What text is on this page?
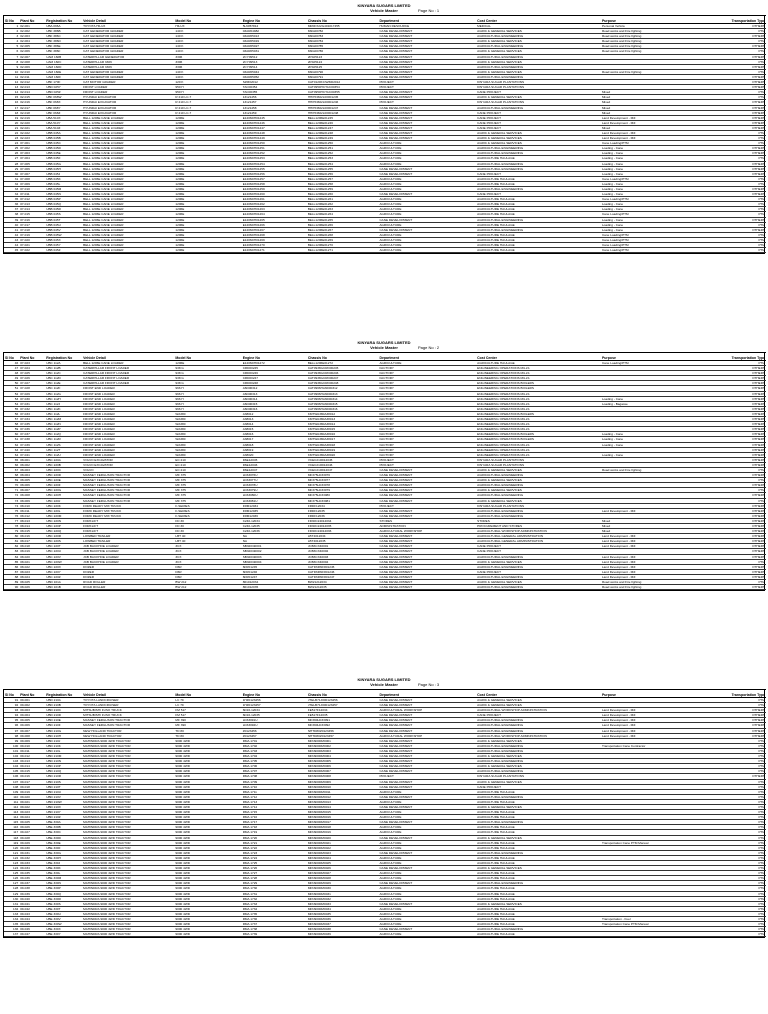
KINYARA SUGARS LIMITED
Vehicle Master	Page No : 1
Sl No	Plant No	Registration No	Vehicle Detail	Model No	Engine No	Chassis No	Department	Cost Center	Purpose	Transportation Type
1	02-001	UBA 096A	TOYOTA HILUX	HILUX	5L6057812	MR0FX22G401017455	HUMAN RESOURCE	MEDICAL	Personal Vehicle	OTHERS
2	02-002	UBF 386B	CAT GENERATOR GRADER	140 K	03AR04982	M9G00782	CANE DEVELOPMENT	AGRIC & GENERAL SERVICES	Road works and Fire fighting	PTM
3	02-003	UBF 386C	CAT GENERATOR GRADER	140 K	03AR05013	M9G00783	CANE DEVELOPMENT	AGRICULTURAL ENGINEERING	Road works and Fire fighting	OTHERS
4	02-004	UBF 386D	CAT GENERATOR GRADER	140 K	03AR05019	M9G00784	CANE DEVELOPMENT	AGRIC & GENERAL SERVICES	Road works and Fire fighting	PTM
5	02-005	UBF 386E	CAT GENERATOR GRADER	140 K	03AR05027	M9G00785	CANE DEVELOPMENT	AGRICULTURAL ENGINEERING	Road works and Fire fighting	OTHERS
6	02-006	UBF 386F	CAT GENERATOR GRADER	140 K	03AR05031	M9G00786	CANE DEVELOPMENT	AGRIC & GENERAL SERVICES	Road works and Fire fighting	PTM
7	02-007	UAM 160B	CATERPILLAR GENERATOR	3306	2CY09512	2FS05123	CANE DEVELOPMENT	AGRICULTURAL ENGINEERING		OTHERS
8	02-008	UAM 160C	CATERPILLAR 3306	3306	2CY09513	2FS05124	CANE DEVELOPMENT	AGRIC & GENERAL SERVICES		PTM
9	02-009	UAM 160D	CATERPILLAR 3306	3306	2CY09514	2FS05125	CANE DEVELOPMENT	AGRICULTURAL ENGINEERING		OTHERS
10	02-010	UAM 160E	CAT GENERATOR GRADER	140 K	03AR05044	M9G00790	CANE DEVELOPMENT	AGRIC & GENERAL SERVICES	Road works and Fire fighting	PTM
11	02-011	UAM 160F	CAT GENERATOR GRADER	140 K	03AR05052	M9G00791	CANE DEVELOPMENT	AGRICULTURAL ENGINEERING		OTHERS
12	02-012	UBF 170F	CAT MOTOR GRADER	120 K	SZM02012	CAT0120KCSZM02012	PROJECT	KINYARA SUGAR PLANTATIONS		OTHERS
13	02-013	UBD 025Y	FRONT LOADER	950 H	TAC00354	CAT0950HCTAC00354	PROJECT	KINYARA SUGAR PLANTATIONS		OTHERS
14	02-014	UBD 025Z	FRONT LOADER	950 H	TAC00355	CAT0950HCTAC00355	CANE DEVELOPMENT	CANE PROJECT	Mixed	PTM
15	02-015	UBF 068W	HYUNDAI EXCAVATOR	R 210 LC-7	13121456	HHIHN602L00001245	CANE DEVELOPMENT	AGRIC & GENERAL SERVICES	Mixed	PTM
16	02-016	UBF 068X	HYUNDAI EXCAVATOR	R 210 LC-7	13121457	HHIHN602L00001246	PROJECT	KINYARA SUGAR PLANTATIONS	Mixed	OTHERS
17	02-017	UBF 068Y	HYUNDAI EXCAVATOR	R 210 LC-7	13121458	HHIHN602L00001247	CANE DEVELOPMENT	AGRICULTURAL ENGINEERING	Mixed	OTHERS
18	02-018	UBF 068Z	HYUNDAI EXCAVATOR	R 210 LC-7	13121459	HHIHN602L00001248	CANE DEVELOPMENT	CANE PROJECT	Mixed	OTHERS
19	02-019	UBA 510X	BELL 1206E CANE LOADER	1206E	E1206DH01245	BELL1206E01245	CANE DEVELOPMENT	CANE PROJECT	Land Development - Mill	OTHERS
20	02-020	UBA 510Y	BELL 1206E CANE LOADER	1206E	E1206DH01246	BELL1206E01246	CANE DEVELOPMENT	CANE PROJECT	Land Development - Mill	OTHERS
21	02-021	UBA 510Z	BELL 1206E CANE LOADER	1206E	E1206DH01247	BELL1206E01247	CANE DEVELOPMENT	CANE PROJECT	Mixed	OTHERS
22	02-022	UBB 045A	BELL 1206E CANE LOADER	1206E	E1206DH01248	BELL1206E01248	CANE DEVELOPMENT	AGRIC & GENERAL SERVICES	Land Development - Mill	PTM
23	02-023	UBB 045B	BELL 1206E CANE LOADER	1206E	E1206DH01249	BELL1206E01249	CANE DEVELOPMENT	AGRIC & GENERAL SERVICES	Land Development - Mill	PTM
24	07-001	UBB 045C	BELL 1206E CANE LOADER	1206E	E1206DH01250	BELL1206E01250	AGRICULTURE	AGRIC & GENERAL SERVICES	Cane Loading/PTM	PTM
25	07-002	UBB 045D	BELL 1206E CANE LOADER	1206E	E1206DH01251	BELL1206E01251	AGRICULTURE	AGRICULTURAL ENGINEERING	Loading - Cane	OTHERS
26	07-003	UBB 045E	BELL 1206E CANE LOADER	1206E	E1206DH01252	BELL1206E01252	AGRICULTURE	AGRICULTURAL ENGINEERING	Loading - Cane	OTHERS
27	07-004	UBB 045F	BELL 1206E CANE LOADER	1206E	E1206DH01253	BELL1206E01253	AGRICULTURE	AGRICULTURE HAULAGE	Loading - Cane	PTM
28	07-005	UBB 045G	BELL 1206E CANE LOADER	1206E	E1206DH01254	BELL1206E01254	AGRICULTURE	AGRICULTURAL ENGINEERING	Loading - Cane	OTHERS
29	07-006	UBB 045H	BELL 1206E CANE LOADER	1206E	E1206DH01255	BELL1206E01255	CANE DEVELOPMENT	AGRICULTURAL ENGINEERING	Loading - Cane	OTHERS
30	07-007	UBB 045J	BELL 1206E CANE LOADER	1206E	E1206DH01256	BELL1206E01256	CANE DEVELOPMENT	CANE PROJECT	Loading - Cane	OTHERS
31	07-008	UBB 045K	BELL 1206E CANE LOADER	1206E	E1206DH01257	BELL1206E01257	AGRICULTURE	AGRICULTURE HAULAGE	Cane Loading/PTM	PTM
32	07-009	UBB 045L	BELL 1206E CANE LOADER	1206E	E1206DH01258	BELL1206E01258	AGRICULTURE	AGRICULTURE HAULAGE	Loading - Cane	PTM
33	07-010	UBB 045M	BELL 1206E CANE LOADER	1206E	E1206DH01259	BELL1206E01259	AGRICULTURE	AGRICULTURAL ENGINEERING	Loading - Cane	OTHERS
34	07-011	UBB 045N	BELL 1206E CANE LOADER	1206E	E1206DH01260	BELL1206E01260	CANE DEVELOPMENT	CANE PROJECT	Loading - Cane	OTHERS
35	07-012	UBB 045P	BELL 1206E CANE LOADER	1206E	E1206DH01261	BELL1206E01261	AGRICULTURE	AGRICULTURE HAULAGE	Cane Loading/PTM	PTM
36	07-013	UBB 045Q	BELL 1206E CANE LOADER	1206E	E1206DH01262	BELL1206E01262	AGRICULTURE	AGRICULTURE HAULAGE	Loading - Cane	PTM
37	07-014	UBB 045R	BELL 1206E CANE LOADER	1206E	E1206DH01263	BELL1206E01263	AGRICULTURE	AGRICULTURE HAULAGE	Loading - Cane	PTM
38	07-015	UBB 045S	BELL 1206E CANE LOADER	1206E	E1206DH01264	BELL1206E01264	AGRICULTURE	AGRICULTURE HAULAGE	Cane Loading/PTM	PTM
39	07-016	UBB 045T	BELL 1206E CANE LOADER	1206E	E1206DH01265	BELL1206E01265	CANE DEVELOPMENT	AGRICULTURAL ENGINEERING	Loading - Cane	OTHERS
40	07-017	UBB 045U	BELL 1206E CANE LOADER	1206E	E1206DH01266	BELL1206E01266	AGRICULTURE	AGRICULTURE HAULAGE	Loading - Cane	PTM
41	07-018	UBB 045V	BELL 1206E CANE LOADER	1206E	E1206DH01267	BELL1206E01267	CANE DEVELOPMENT	AGRICULTURAL ENGINEERING	Loading - Cane	OTHERS
42	07-019	UBB 045W	BELL 1206E CANE LOADER	1206E	E1206DH01268	BELL1206E01268	AGRICULTURE	AGRICULTURE HAULAGE	Cane Loading/PTM	PTM
43	07-020	UBB 045X	BELL 1206E CANE LOADER	1206E	E1206DH01269	BELL1206E01269	AGRICULTURE	AGRICULTURE HAULAGE	Cane Loading/PTM	PTM
44	07-021	UBB 045Y	BELL 1206E CANE LOADER	1206E	E1206DH01270	BELL1206E01270	AGRICULTURE	AGRICULTURE HAULAGE	Cane Loading/PTM	PTM
45	07-022	UBB 045Z	BELL 1206E CANE LOADER	1206E	E1206DH01271	BELL1206E01271	AGRICULTURE	AGRICULTURE HAULAGE	Cane Loading/PTM	PTM
KINYARA SUGARS LIMITED
Vehicle Master	Page No : 2
Sl No	Plant No	Registration No	Vehicle Detail	Model No	Engine No	Chassis No	Department	Cost Center	Purpose	Transportation Type
46	07-023	UBC 112A	BELL 1206E CANE LOADER	1206E	E1206DH01272	BELL1206E01272	AGRICULTURE	AGRICULTURE HAULAGE	Cane Loading/PTM	PTM
47	07-024	UBC 112B	CATERPILLAR FRONT LOADER	938 G	CRD00245	CAT0938GCRD00245	FACTORY	ENGINEERING OPERATIONS MILLS		OTHERS
48	07-025	UBC 112C	CATERPILLAR FRONT LOADER	938 G	CRD00246	CAT0938GCRD00246	FACTORY	ENGINEERING OPERATIONS MILLS		OTHERS
49	07-026	UBC 112D	CATERPILLAR FRONT LOADER	938 G	CRD00247	CAT0938GCRD00247	FACTORY	ENGINEERING OPERATIONS MILLS		OTHERS
50	07-027	UBC 112E	CATERPILLAR FRONT LOADER	938 G	CRD00248	CAT0938GCRD00248	FACTORY	ENGINEERING OPERATIONS BOILERS		OTHERS
51	07-028	UBC 112F	FRONT END LOADER	966 H	A6D00312	CAT0966HA6D00312	FACTORY	ENGINEERING OPERATIONS BOILERS		OTHERS
52	07-029	UBC 112G	FRONT END LOADER	966 H	A6D00313	CAT0966HA6D00313	FACTORY	ENGINEERING OPERATIONS MILLS		OTHERS
53	07-030	UBC 112H	FRONT END LOADER	966 H	A6D00314	CAT0966HA6D00314	FACTORY	ENGINEERING OPERATIONS MILLS	Loading - Cane	OTHERS
54	07-031	UBC 112J	FRONT END LOADER	966 H	A6D00315	CAT0966HA6D00315	FACTORY	ENGINEERING OPERATIONS MILLS	Loading - Bagasse	OTHERS
55	07-032	UBC 112K	FRONT END LOADER	966 H	A6D00316	CAT0966HA6D00316	FACTORY	ENGINEERING OPERATIONS MILLS		OTHERS
56	07-033	UBC 112L	FRONT END LOADER	WA380	A38012	KMTWA380A38012	FACTORY	ENGINEERING OPERATIONS BOILERS		OTHERS
57	07-034	UBC 112M	FRONT END LOADER	WA380	A38013	KMTWA380A38013	FACTORY	ENGINEERING OPERATIONS MILLS		OTHERS
58	07-035	UBC 112N	FRONT END LOADER	WA380	A38014	KMTWA380A38014	FACTORY	ENGINEERING OPERATIONS MILLS		OTHERS
59	07-036	UBC 112P	FRONT END LOADER	WA380	A38015	KMTWA380A38015	FACTORY	ENGINEERING OPERATIONS MILLS		OTHERS
60	07-037	UBC 112Q	FRONT END LOADER	WA380	A38016	KMTWA380A38016	FACTORY	ENGINEERING OPERATIONS BOILERS	Loading - Cane	OTHERS
61	07-038	UBC 112R	FRONT END LOADER	WA380	A38017	KMTWA380A38017	FACTORY	ENGINEERING OPERATIONS BOILERS	Loading - Cane	OTHERS
62	07-039	UBC 112S	FRONT END LOADER	WA380	A38018	KMTWA380A38018	FACTORY	ENGINEERING OPERATIONS MILLS	Loading - Cane	OTHERS
63	07-040	UBC 112T	FRONT END LOADER	WA380	A38019	KMTWA380A38019	FACTORY	ENGINEERING OPERATIONS MILLS		OTHERS
64	07-041	UBC 112U	FRONT END LOADER	WA380	A38020	KMTWA380A38020	FACTORY	ENGINEERING OPERATIONS MILLS	Loading - Cane	OTHERS
65	08-001	UBC 220A	VOLVO EXCAVATOR	EC 210	D6E12045	VCEC210D12045	PROJECT	KINYARA SUGAR PLANTATIONS		OTHERS
66	08-002	UBC 220B	VOLVO EXCAVATOR	EC 210	D6E12046	VCEC210D12046	PROJECT	KINYARA SUGAR PLANTATIONS		OTHERS
67	08-003	UBC 220C	VOLVO	EC 210	D6E12047	VCEC210D12047	CANE DEVELOPMENT	AGRIC & GENERAL SERVICES	Road works and Fire fighting	PTM
68	08-004	UBC 220D	MASSEY FERGUSON TRACTOR	MF 375	LD33076U	MF375LD33076	CANE DEVELOPMENT	AGRICULTURAL ENGINEERING		OTHERS
69	08-005	UBC 220E	MASSEY FERGUSON TRACTOR	MF 375	LD33077U	MF375LD33077	CANE DEVELOPMENT	AGRIC & GENERAL SERVICES		PTM
70	08-006	UBC 220F	MASSEY FERGUSON TRACTOR	MF 375	LD33078U	MF375LD33078	CANE DEVELOPMENT	AGRICULTURAL ENGINEERING		OTHERS
71	08-007	UBC 220G	MASSEY FERGUSON TRACTOR	MF 375	LD33079U	MF375LD33079	CANE DEVELOPMENT	AGRIC & GENERAL SERVICES		PTM
72	08-008	UBC 220H	MASSEY FERGUSON TRACTOR	MF 375	LD33080U	MF375LD33080	CANE DEVELOPMENT	AGRICULTURAL ENGINEERING		OTHERS
73	08-009	UBC 220J	MASSEY FERGUSON TRACTOR	MF 375	LD33081U	MF375LD33081	CANE DEVELOPMENT	AGRIC & GENERAL SERVICES		PTM
74	08-010	UBC 220K	FORD READY MIX TRUCK	F-SERIES	FRM12034	FRDF12034	PROJECT	KINYARA SUGAR PLANTATIONS		OTHERS
75	08-011	UBC 220L	FORD READY MIX TRUCK	F-SERIES	FRM12035	FRDF12035	CANE DEVELOPMENT	AGRICULTURAL ENGINEERING	Land Development - Mill	OTHERS
76	08-012	UBC 220M	FORD READY MIX TRUCK	F-SERIES	FRM12036	FRDF12036	CANE DEVELOPMENT	AGRICULTURAL ENGINEERING		OTHERS
77	08-013	UBC 220N	FORKLIFT	FD 30	C240-12034	FD30C24012034	STORES	STORES	Mixed	OTHERS
78	08-014	UBC 220P	FORKLIFT	FD 30	C240-12035	FD30C24012035	ADMINISTRATION	PROCUREMENT AND STORES	Mixed	OTHERS
79	08-015	UBC 220Q	FORKLIFT	FD 30	C240-12036	FD30C24012036	AGRICULTURAL WORKSHOP	AGRICULTURAL WORKSHOP ADMINISTRATION	Mixed	OTHERS
80	08-016	UBC 220R	LOWBED TRAILER	LBT 40	NA	LBT4012034	CANE DEVELOPMENT	AGRICULTURAL GENERAL ADMINISTRATION	Land Development - Mill	OTHERS
81	08-017	UBC 220S	LOWBED TRAILER	LBT 40	NA	LBT4012035	CANE DEVELOPMENT	AGRICULTURAL GENERAL ADMINISTRATION	Land Development - Mill	OTHERS
82	08-018	UBC 220T	JCB BACKHOE LOADER	3CX	SB320/40001	JCB3CX40001	CANE DEVELOPMENT	CANE PROJECT	Land Development - Mill	OTHERS
83	08-019	UBC 220U	JCB BACKHOE LOADER	3CX	SB320/40002	JCB3CX40002	CANE DEVELOPMENT	CANE PROJECT		OTHERS
84	08-020	UBC 220V	JCB BACKHOE LOADER	3CX	SB320/40003	JCB3CX40003	CANE DEVELOPMENT	AGRICULTURAL ENGINEERING	Land Development - Mill	OTHERS
85	08-021	UBC 220W	JCB BACKHOE LOADER	3CX	SB320/40004	JCB3CX40004	CANE DEVELOPMENT	AGRIC & GENERAL SERVICES	Land Development - Mill	PTM
86	08-022	UBC 220X	DOZER	D6R	6FR01245	CATD6R6FR01245	CANE DEVELOPMENT	AGRICULTURAL ENGINEERING	Land Development - Mill	OTHERS
87	08-023	UBC 220Y	DOZER	D6R	6FR01246	CATD6R6FR01246	CANE DEVELOPMENT	CANE PROJECT	Land Development - Mill	OTHERS
88	08-024	UBC 220Z	DOZER	D6R	6FR01247	CATD6R6FR01247	CANE DEVELOPMENT	AGRICULTURAL ENGINEERING	Land Development - Mill	OTHERS
89	08-025	UBD 101A	ROAD ROLLER	BW 212	861012034	BW21212034	CANE DEVELOPMENT	AGRIC & GENERAL SERVICES	Road works and Fire fighting	PTM
90	08-026	UBD 101B	ROAD ROLLER	BW 212	861012035	BW21212035	CANE DEVELOPMENT	AGRICULTURAL ENGINEERING	Road works and Fire fighting	OTHERS
KINYARA SUGARS LIMITED
Vehicle Master	Page No : 3
Sl No	Plant No	Registration No	Vehicle Detail	Model No	Engine No	Chassis No	Department	Cost Center	Purpose	Transportation Type
91	09-001	UBD 210A	TOYOTA LANDCRUISER	LC 79	1HZ0123456	JTELB71J000123456	CANE DEVELOPMENT	AGRIC & GENERAL SERVICES		PTM
92	09-002	UBD 210B	TOYOTA LANDCRUISER	LC 79	1HZ0123457	JTELB71J000123457	CANE DEVELOPMENT	AGRIC & GENERAL SERVICES		PTM
93	09-003	UBD 210C	MITSUBISHI FUSO TRUCK	FM 517	6D16-12034	FE517F12034	AGRICULTURAL WORKSHOP	AGRICULTURAL WORKSHOP ADMINISTRATION	Land Development - Mill	OTHERS
94	09-004	UBD 210D	MITSUBISHI FUSO TRUCK	FM 517	6D16-12035	FE517F12035	CANE DEVELOPMENT	CANE PROJECT	Land Development - Mill	OTHERS
95	09-005	UBD 210E	MASSEY FERGUSON TRACTOR	MF 390	LD33091U	MF390LD33091	CANE DEVELOPMENT	AGRICULTURAL ENGINEERING	Land Development - Mill	OTHERS
96	09-006	UBD 210F	MASSEY FERGUSON TRACTOR	MF 390	LD33092U	MF390LD33092	CANE DEVELOPMENT	AGRICULTURAL ENGINEERING	Land Development - Mill	OTHERS
97	09-007	UBD 210G	NEW HOLLAND TRACTOR	TD 80	Z0123456	NHTD80Z0123456	CANE DEVELOPMENT	AGRICULTURAL ENGINEERING	Land Development - Mill	OTHERS
98	09-008	UBD 210H	NEW HOLLAND TRACTOR	TD 80	Z0123457	NHTD80Z0123457	AGRICULTURAL WORKSHOP	AGRICULTURAL WORKSHOP ADMINISTRATION	Land Development - Mill	OTHERS
99	09-009	UBD 210J	MAHINDRA 9000 4WD TRACTOR	9000 4WD	RMA 1701	MFN9000M0001	CANE DEVELOPMENT	AGRIC & GENERAL SERVICES		PTM
100	09-010	UBD 210K	MAHINDRA 9000 4WD TRACTOR	9000 4WD	RMA 1702	MFN9000M0002	CANE DEVELOPMENT	AGRICULTURAL ENGINEERING	Transportation Cane Contractor	PTM
101	09-011	UBD 210L	MAHINDRA 9000 4WD TRACTOR	9000 4WD	RMA 1703	MFN9000M0003	CANE DEVELOPMENT	AGRICULTURAL ENGINEERING		PTM
102	09-012	UBD 210M	MAHINDRA 9000 4WD TRACTOR	9000 4WD	RMA 1704	MFN9000M0004	CANE DEVELOPMENT	AGRIC & GENERAL SERVICES		PTM
103	09-013	UBD 210N	MAHINDRA 9000 4WD TRACTOR	9000 4WD	RMA 1705	MFN9000M0005	CANE DEVELOPMENT	AGRICULTURAL ENGINEERING		PTM
104	09-014	UBD 210P	MAHINDRA 9000 4WD TRACTOR	9000 4WD	RMA 1706	MFN9000M0006	CANE DEVELOPMENT	AGRIC & GENERAL SERVICES		PTM
105	09-015	UBD 210Q	MAHINDRA 9000 4WD TRACTOR	9000 4WD	RMA 1707	MFN9000M0007	CANE DEVELOPMENT	AGRICULTURAL ENGINEERING		PTM
106	09-016	UBD 210R	MAHINDRA 9000 4WD TRACTOR	9000 4WD	RMA 1708	MFN9000M0008	PROJECT	KINYARA SUGAR PLANTATIONS		OTHERS
107	09-017	UBD 210S	MAHINDRA 9000 4WD TRACTOR	9000 4WD	RMA 1709	MFN9000M0009	CANE DEVELOPMENT	AGRIC & GENERAL SERVICES		PTM
108	09-018	UBD 210T	MAHINDRA 9000 4WD TRACTOR	9000 4WD	RMA 1710	MFN9000M0010	CANE DEVELOPMENT	CANE PROJECT		PTM
109	09-019	UBD 210U	MAHINDRA 9000 4WD TRACTOR	9000 4WD	RMA 1711	MFN9000M0011	AGRICULTURE	AGRICULTURE HAULAGE		PTM
110	09-020	UBD 210V	MAHINDRA 9000 4WD TRACTOR	9000 4WD	RMA 1712	MFN9000M0012	CANE DEVELOPMENT	AGRICULTURAL ENGINEERING		PTM
111	09-021	UBD 210W	MAHINDRA 9000 4WD TRACTOR	9000 4WD	RMA 1713	MFN9000M0013	AGRICULTURE	AGRICULTURE HAULAGE		PTM
112	09-022	UBD 210X	MAHINDRA 9000 4WD TRACTOR	9000 4WD	RMA 1714	MFN9000M0014	CANE DEVELOPMENT	AGRIC & GENERAL SERVICES		PTM
113	09-023	UBD 210Y	MAHINDRA 9000 4WD TRACTOR	9000 4WD	RMA 1715	MFN9000M0015	AGRICULTURE	AGRICULTURE HAULAGE		PTM
114	09-024	UBD 210Z	MAHINDRA 9000 4WD TRACTOR	9000 4WD	RMA 1716	MFN9000M0016	AGRICULTURE	AGRICULTURE HAULAGE		PTM
115	09-025	UBE 330A	MAHINDRA 9000 4WD TRACTOR	9000 4WD	RMA 1717	MFN9000M0017	CANE DEVELOPMENT	AGRICULTURAL ENGINEERING		PTM
116	09-026	UBE 330B	MAHINDRA 9000 4WD TRACTOR	9000 4WD	RMA 1718	MFN9000M0018	AGRICULTURE	AGRICULTURE HAULAGE		PTM
117	09-027	UBE 330C	MAHINDRA 9000 4WD TRACTOR	9000 4WD	RMA 1719	MFN9000M0019	AGRICULTURE	AGRICULTURE HAULAGE		PTM
118	09-028	UBE 330D	MAHINDRA 9000 4WD TRACTOR	9000 4WD	RMA 1720	MFN9000M0020	CANE DEVELOPMENT	AGRIC & GENERAL SERVICES		PTM
119	09-029	UBE 330E	MAHINDRA 9000 4WD TRACTOR	9000 4WD	RMA 1721	MFN9000M0021	AGRICULTURE	AGRICULTURE HAULAGE	Transportation Cane PTM Manual	PTM
120	09-030	UBE 330F	MAHINDRA 9000 4WD TRACTOR	9000 4WD	RMA 1722	MFN9000M0022	AGRICULTURE	AGRICULTURE HAULAGE		PTM
121	09-031	UBE 330G	MAHINDRA 9000 4WD TRACTOR	9000 4WD	RMA 1723	MFN9000M0023	CANE DEVELOPMENT	AGRICULTURAL ENGINEERING		PTM
122	09-032	UBE 330H	MAHINDRA 9000 4WD TRACTOR	9000 4WD	RMA 1724	MFN9000M0024	AGRICULTURE	AGRICULTURE HAULAGE		PTM
123	09-033	UBE 330J	MAHINDRA 9000 4WD TRACTOR	9000 4WD	RMA 1725	MFN9000M0025	AGRICULTURE	AGRICULTURE HAULAGE		PTM
124	09-034	UBE 330K	MAHINDRA 9000 4WD TRACTOR	9000 4WD	RMA 1726	MFN9000M0026	CANE DEVELOPMENT	AGRIC & GENERAL SERVICES		PTM
125	09-035	UBE 330L	MAHINDRA 9000 4WD TRACTOR	9000 4WD	RMA 1727	MFN9000M0027	AGRICULTURE	AGRICULTURE HAULAGE		PTM
126	09-036	UBE 330M	MAHINDRA 9000 4WD TRACTOR	9000 4WD	RMA 1728	MFN9000M0028	AGRICULTURE	AGRICULTURE HAULAGE		PTM
127	09-037	UBE 330N	MAHINDRA 9000 4WD TRACTOR	9000 4WD	RMA 1729	MFN9000M0029	CANE DEVELOPMENT	AGRICULTURAL ENGINEERING		PTM
128	09-038	UBE 330P	MAHINDRA 9000 4WD TRACTOR	9000 4WD	RMA 1730	MFN9000M0030	AGRICULTURE	AGRICULTURE HAULAGE		PTM
129	09-039	UBE 330Q	MAHINDRA 9000 4WD TRACTOR	9000 4WD	RMA 1731	MFN9000M0031	AGRICULTURE	AGRICULTURE HAULAGE		PTM
130	09-040	UBE 330R	MAHINDRA 9000 4WD TRACTOR	9000 4WD	RMA 1732	MFN9000M0032	AGRICULTURE	AGRICULTURE HAULAGE		PTM
131	09-041	UBE 330S	MAHINDRA 9000 4WD TRACTOR	9000 4WD	RMA 1733	MFN9000M0033	CANE DEVELOPMENT	AGRIC & GENERAL SERVICES		PTM
132	09-042	UBE 330T	MAHINDRA 9000 4WD TRACTOR	9000 4WD	RMA 1734	MFN9000M0034	AGRICULTURE	AGRICULTURE HAULAGE		PTM
133	09-043	UBE 330U	MAHINDRA 9000 4WD TRACTOR	9000 4WD	RMA 1735	MFN9000M0035	AGRICULTURE	AGRICULTURE HAULAGE		PTM
134	09-044	UBE 330V	MAHINDRA 9000 4WD TRACTOR	9000 4WD	RMA 1736	MFN9000M0036	AGRICULTURE	AGRICULTURE HAULAGE	Transportation - Fuel	PTM
135	09-045	UBE 330W	MAHINDRA 9000 4WD TRACTOR	9000 4WD	RMA 1737	MFN9000M0037	AGRICULTURE	AGRICULTURE HAULAGE	Transportation Cane PTM Manual	PTM
136	09-046	UBE 330X	MAHINDRA 9000 4WD TRACTOR	9000 4WD	RMA 1738	MFN9000M0038	CANE DEVELOPMENT	AGRICULTURAL ENGINEERING		PTM
137	09-047	UBE 330Y	MAHINDRA 9000 4WD TRACTOR	9000 4WD	RMA 1739	MFN9000M0039	AGRICULTURE	AGRICULTURE HAULAGE		PTM
